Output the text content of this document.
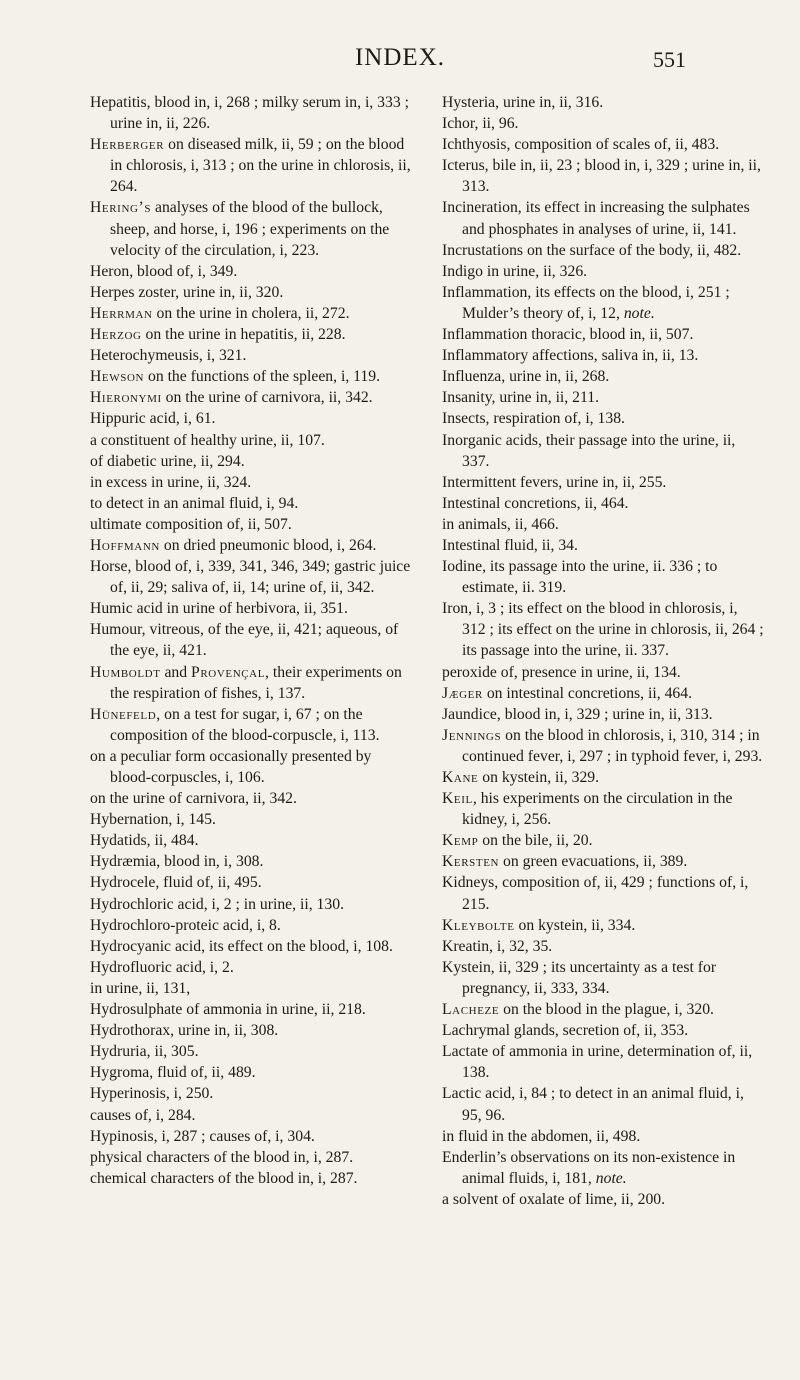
INDEX.	551
Hepatitis, blood in, i, 268 ; milky serum in, i, 333 ; urine in, ii, 226.
Herberger on diseased milk, ii, 59 ; on the blood in chlorosis, i, 313 ; on the urine in chlorosis, ii, 264.
Hering’s analyses of the blood of the bullock, sheep, and horse, i, 196 ; experiments on the velocity of the circulation, i, 223.
Heron, blood of, i, 349.
Herpes zoster, urine in, ii, 320.
Herrman on the urine in cholera, ii, 272.
Herzog on the urine in hepatitis, ii, 228.
Heterochymeusis, i, 321.
Hewson on the functions of the spleen, i, 119.
Hieronymi on the urine of carnivora, ii, 342.
Hippuric acid, i, 61.
a constituent of healthy urine, ii, 107.
of diabetic urine, ii, 294.
in excess in urine, ii, 324.
to detect in an animal fluid, i, 94.
ultimate composition of, ii, 507.
Hoffmann on dried pneumonic blood, i, 264.
Horse, blood of, i, 339, 341, 346, 349; gastric juice of, ii, 29; saliva of, ii, 14; urine of, ii, 342.
Humic acid in urine of herbivora, ii, 351.
Humour, vitreous, of the eye, ii, 421; aqueous, of the eye, ii, 421.
Humboldt and Provençal, their experiments on the respiration of fishes, i, 137.
Hünefeld, on a test for sugar, i, 67 ; on the composition of the blood-corpuscle, i, 113.
on a peculiar form occasionally presented by blood-corpuscles, i, 106.
on the urine of carnivora, ii, 342.
Hybernation, i, 145.
Hydatids, ii, 484.
Hydræmia, blood in, i, 308.
Hydrocele, fluid of, ii, 495.
Hydrochloric acid, i, 2 ; in urine, ii, 130.
Hydrochloro-proteic acid, i, 8.
Hydrocyanic acid, its effect on the blood, i, 108.
Hydrofluoric acid, i, 2.
in urine, ii, 131,
Hydrosulphate of ammonia in urine, ii, 218.
Hydrothorax, urine in, ii, 308.
Hydruria, ii, 305.
Hygroma, fluid of, ii, 489.
Hyperinosis, i, 250.
causes of, i, 284.
Hypinosis, i, 287 ; causes of, i, 304.
physical characters of the blood in, i, 287.
chemical characters of the blood in, i, 287.
Hysteria, urine in, ii, 316.
Ichor, ii, 96.
Ichthyosis, composition of scales of, ii, 483.
Icterus, bile in, ii, 23 ; blood in, i, 329 ; urine in, ii, 313.
Incineration, its effect in increasing the sulphates and phosphates in analyses of urine, ii, 141.
Incrustations on the surface of the body, ii, 482.
Indigo in urine, ii, 326.
Inflammation, its effects on the blood, i, 251 ; Mulder’s theory of, i, 12, note.
Inflammation thoracic, blood in, ii, 507.
Inflammatory affections, saliva in, ii, 13.
Influenza, urine in, ii, 268.
Insanity, urine in, ii, 211.
Insects, respiration of, i, 138.
Inorganic acids, their passage into the urine, ii, 337.
Intermittent fevers, urine in, ii, 255.
Intestinal concretions, ii, 464.
in animals, ii, 466.
Intestinal fluid, ii, 34.
Iodine, its passage into the urine, ii. 336 ; to estimate, ii. 319.
Iron, i, 3 ; its effect on the blood in chlorosis, i, 312 ; its effect on the urine in chlorosis, ii, 264 ; its passage into the urine, ii. 337.
peroxide of, presence in urine, ii, 134.
Jæger on intestinal concretions, ii, 464.
Jaundice, blood in, i, 329 ; urine in, ii, 313.
Jennings on the blood in chlorosis, i, 310, 314 ; in continued fever, i, 297 ; in typhoid fever, i, 293.
Kane on kystein, ii, 329.
Keil, his experiments on the circulation in the kidney, i, 256.
Kemp on the bile, ii, 20.
Kersten on green evacuations, ii, 389.
Kidneys, composition of, ii, 429 ; functions of, i, 215.
Kleybolte on kystein, ii, 334.
Kreatin, i, 32, 35.
Kystein, ii, 329 ; its uncertainty as a test for pregnancy, ii, 333, 334.
Lacheze on the blood in the plague, i, 320.
Lachrymal glands, secretion of, ii, 353.
Lactate of ammonia in urine, determination of, ii, 138.
Lactic acid, i, 84 ; to detect in an animal fluid, i, 95, 96.
in fluid in the abdomen, ii, 498.
Enderlin’s observations on its non-existence in animal fluids, i, 181, note.
a solvent of oxalate of lime, ii, 200.
